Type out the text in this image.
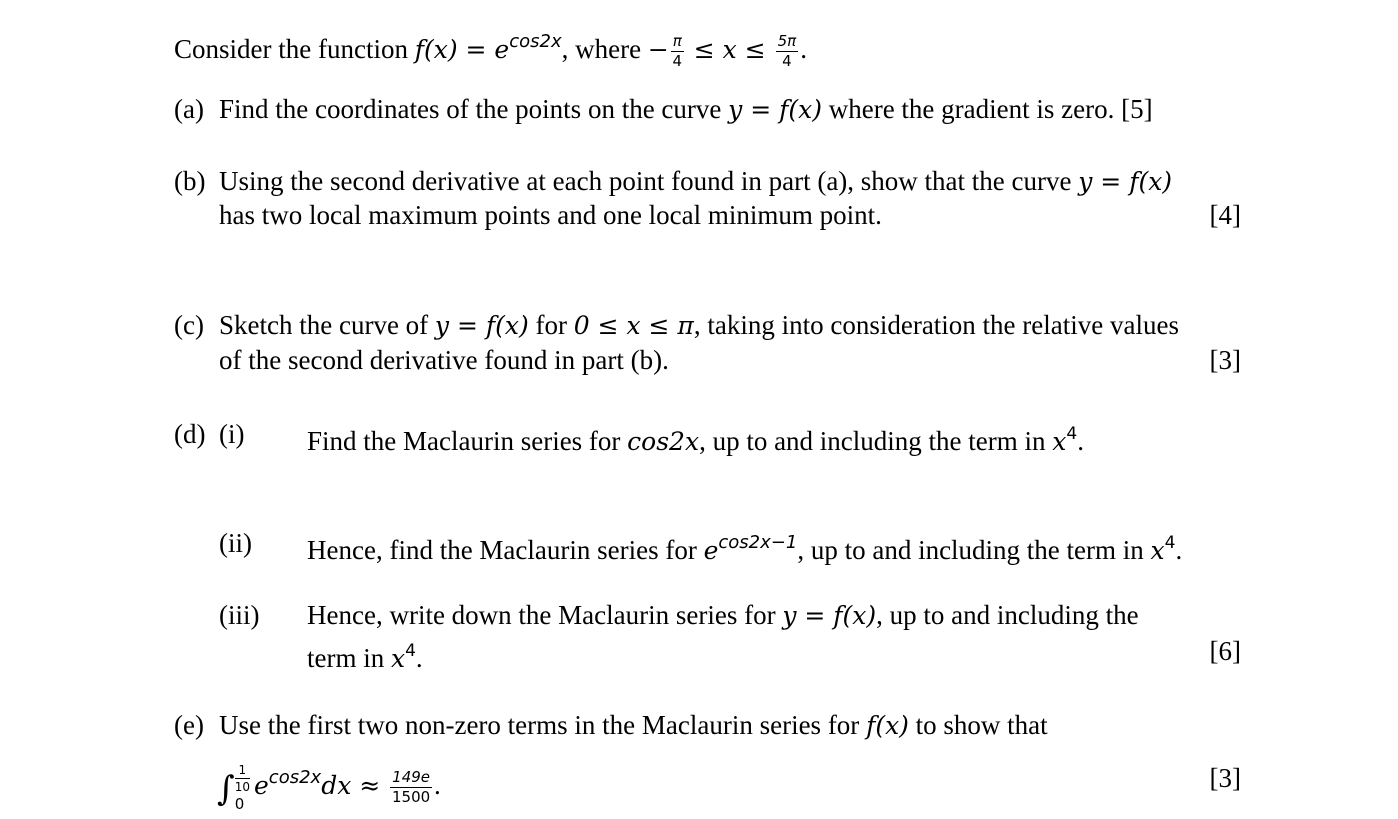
Consider the function $f(x) = e^{cos2x}$, where − $\frac{\pi}{4} \le x \le \frac{5\pi}{4}$ .
(a) Find the coordinates of the points on the curve y = f(x) where the gradient is zero. [5]
(b) Using the second derivative at each point found in part (a), show that the curve y = f(x)
has two local maximum points and one local minimum point.	[4]
(c) Sketch the curve of y = f(x) for 0 ≤ x ≤ π, taking into consideration the relative values
of the second derivative found in part (b).	[3]
(d) (i) Find the Maclaurin series for cos2x, up to and including the term in $x^4$.
(ii) Hence, find the Maclaurin series for $e^{cos2x-1}$, up to and including the term in $x^4$.
(iii) Hence, write down the Maclaurin series for y = f(x), up to and including the
term in $x^4$.	[6]
(e) Use the first two non-zero terms in the Maclaurin series for f(x) to show that
∫ 1
10
0
$e^{cos2x}dx \approx \frac{149e}{1500}$ .	[3]
